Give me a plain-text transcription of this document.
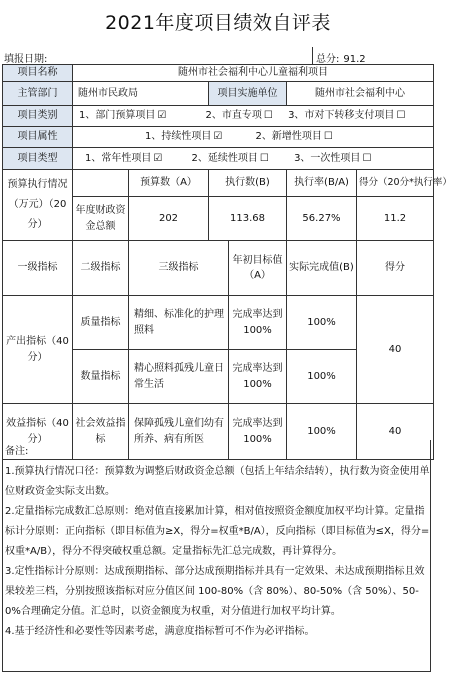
2021年度项目绩效自评表
填报日期:	总分: 91.2
项目名称	随州市社会福利中心儿童福利项目					
主管部门	随州市民政局		项目实施单位		随州市社会福利中心	
项目类别	1、部门预算项目 ☑ 2、市直专项 ☐ 3、市对下转移支付项目 ☐					
项目属性	1、持续性项目 ☑ 2、新增性项目 ☐					
项目类型	1、常年性项目 ☑ 2、延续性项目 ☐ 3、一次性项目 ☐					
预算执行情况（万元）（20分）		预算数（A）	执行数(B)		执行率(B/A)	得分（20分*执行率）
	年度财政资金总额	202	113.68		56.27%	11.2
一级指标	二级指标	三级指标		年初目标值（A）	实际完成值(B)	得分
产出指标（40分）	质量指标	精细、标准化的护理照料		完成率达到100%	100%	40
	数量指标	精心照料孤残儿童日常生活		完成率达到100%	100%	
效益指标（40分）	社会效益指标	保障孤残儿童们幼有所养、病有所医		完成率达到100%	100%	40

备注:

1.预算执行情况口径：预算数为调整后财政资金总额（包括上年结余结转），执行数为资金使用单位财政资金实际支出数。

2.定量指标完成数汇总原则：绝对值直接累加计算，相对值按照资金额度加权平均计算。定量指标计分原则：正向指标（即目标值为≥X，得分=权重*B/A），反向指标（即目标值为≤X，得分=权重*A/B），得分不得突破权重总额。定量指标先汇总完成数，再计算得分。

3.定性指标计分原则：达成预期指标、部分达成预期指标并具有一定效果、未达成预期指标且效果较差三档，分别按照该指标对应分值区间 100-80%（含 80%）、80-50%（含 50%）、50-0%合理确定分值。汇总时，以资金额度为权重，对分值进行加权平均计算。

4.基于经济性和必要性等因素考虑，满意度指标暂可不作为必评指标。
